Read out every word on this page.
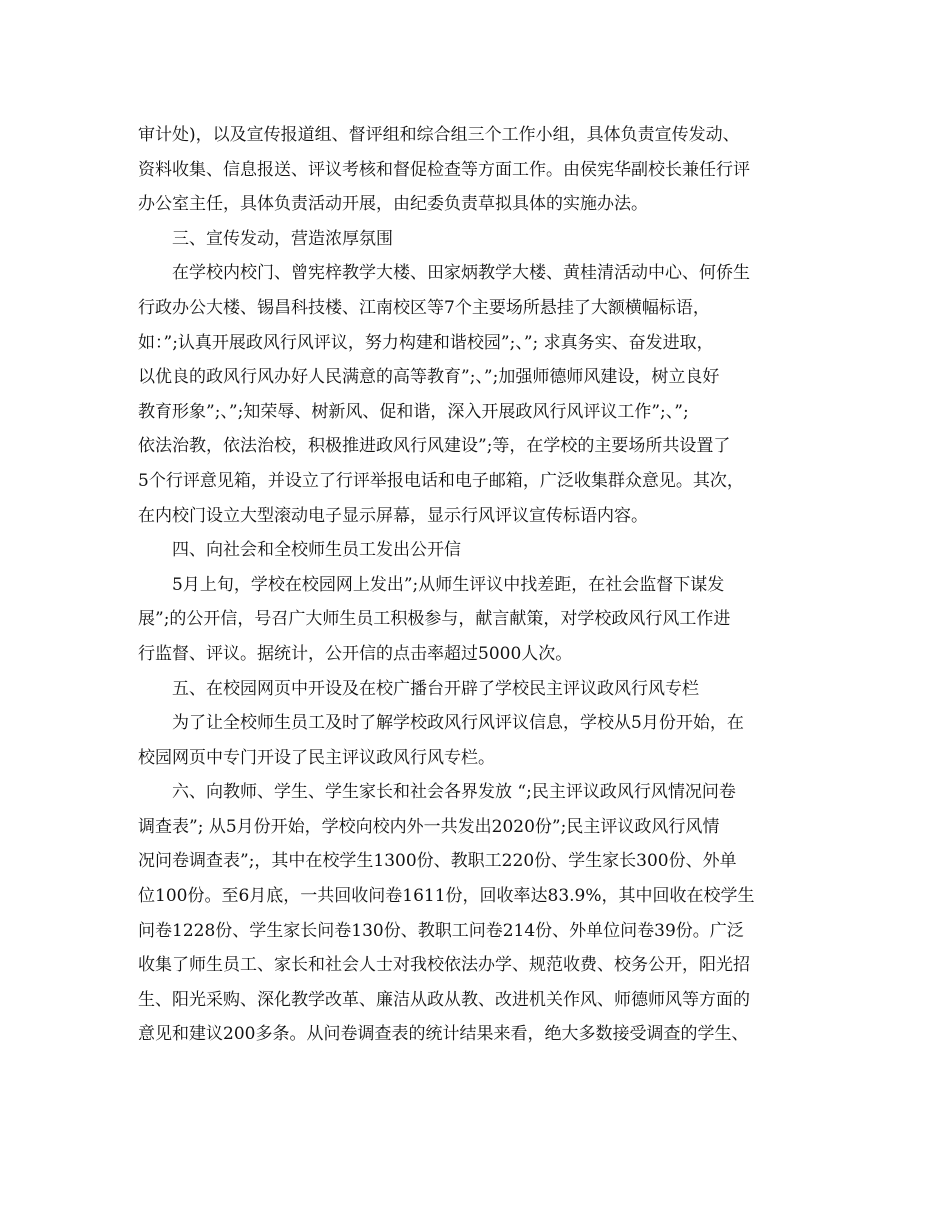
审计处)，以及宣传报道组、督评组和综合组三个工作小组，具体负责宣传发动、
资料收集、信息报送、评议考核和督促检查等方面工作。由侯宪华副校长兼任行评
办公室主任，具体负责活动开展，由纪委负责草拟具体的实施办法。
三、宣传发动，营造浓厚氛围
在学校内校门、曾宪梓教学大楼、田家炳教学大楼、黄桂清活动中心、何侨生
行政办公大楼、锡昌科技楼、江南校区等7个主要场所悬挂了大额横幅标语，
如：”;认真开展政风行风评议，努力构建和谐校园”;、”; 求真务实、奋发进取，
以优良的政风行风办好人民满意的高等教育”;、”;加强师德师风建设，树立良好
教育形象”;、”;知荣辱、树新风、促和谐，深入开展政风行风评议工作”;、”;
依法治教，依法治校，积极推进政风行风建设”;等，在学校的主要场所共设置了
5个行评意见箱，并设立了行评举报电话和电子邮箱，广泛收集群众意见。其次，
在内校门设立大型滚动电子显示屏幕，显示行风评议宣传标语内容。
四、向社会和全校师生员工发出公开信
5月上旬，学校在校园网上发出”;从师生评议中找差距，在社会监督下谋发
展”;的公开信，号召广大师生员工积极参与，献言献策，对学校政风行风工作进
行监督、评议。据统计，公开信的点击率超过5000人次。
五、在校园网页中开设及在校广播台开辟了学校民主评议政风行风专栏
为了让全校师生员工及时了解学校政风行风评议信息，学校从5月份开始，在
校园网页中专门开设了民主评议政风行风专栏。
六、向教师、学生、学生家长和社会各界发放 “;民主评议政风行风情况问卷
调查表”; 从5月份开始，学校向校内外一共发出2020份”;民主评议政风行风情
况问卷调查表”;，其中在校学生1300份、教职工220份、学生家长300份、外单
位100份。至6月底，一共回收问卷1611份，回收率达83.9%，其中回收在校学生
问卷1228份、学生家长问卷130份、教职工问卷214份、外单位问卷39份。广泛
收集了师生员工、家长和社会人士对我校依法办学、规范收费、校务公开，阳光招
生、阳光采购、深化教学改革、廉洁从政从教、改进机关作风、师德师风等方面的
意见和建议200多条。从问卷调查表的统计结果来看，绝大多数接受调查的学生、
